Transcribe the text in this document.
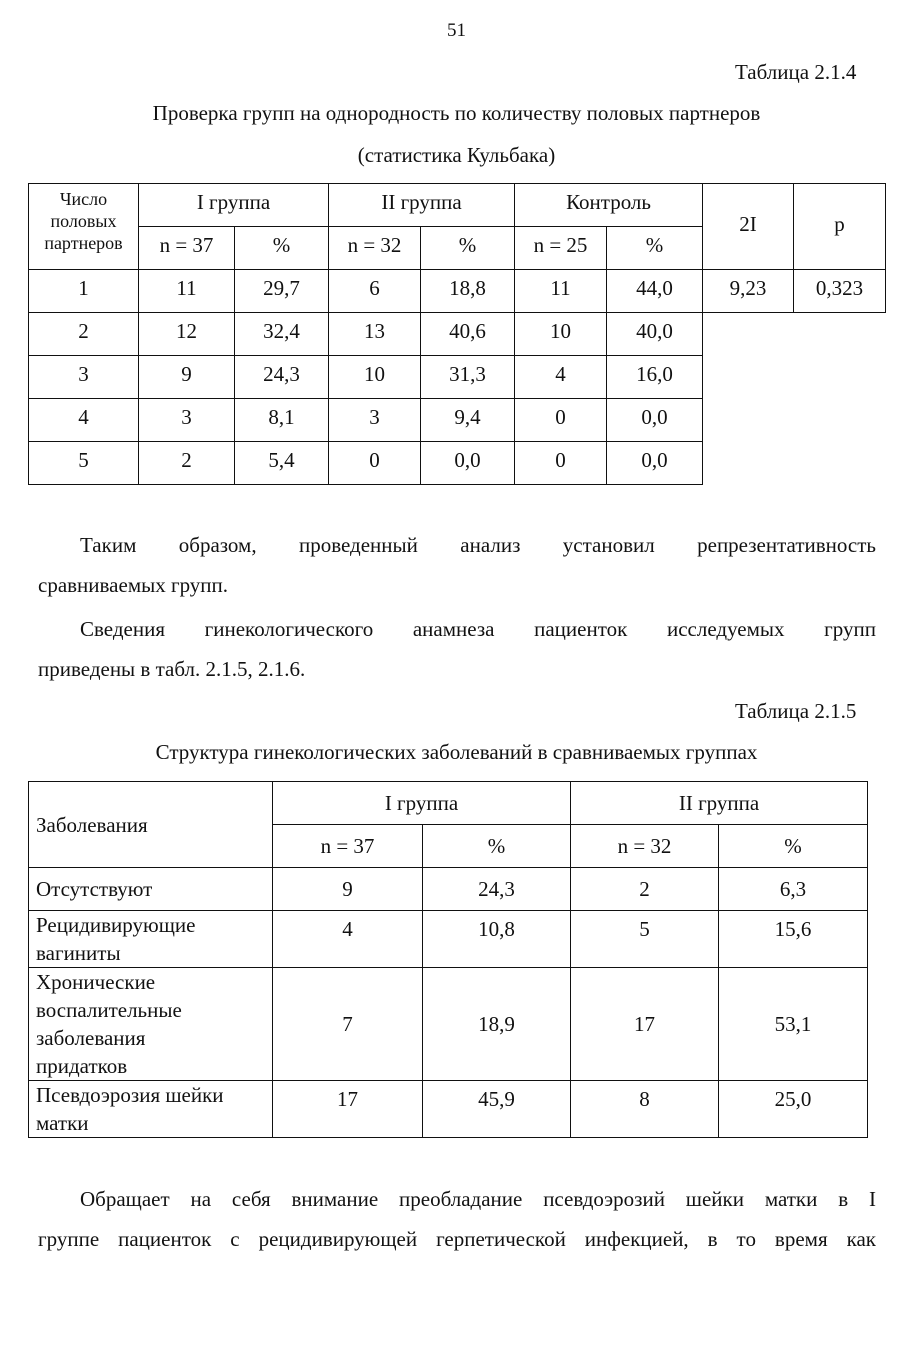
51
Таблица 2.1.4
Проверка групп на однородность по количеству половых партнеров
(статистика Кульбака)
Число
половых
партнеров	I группа		II группа		Контроль		2I	p
	n = 37	%	n = 32	%	n = 25	%		
1	11	29,7	6	18,8	11	44,0	9,23	0,323
2	12	32,4	13	40,6	10	40,0		
3	9	24,3	10	31,3	4	16,0		
4	3	8,1	3	9,4	0	0,0		
5	2	5,4	0	0,0	0	0,0		
Таким образом, проведенный анализ установил репрезентативность
сравниваемых групп.
Сведения гинекологического анамнеза пациенток исследуемых групп
приведены в табл. 2.1.5, 2.1.6.
Таблица 2.1.5
Структура гинекологических заболеваний в сравниваемых группах
Заболевания	I группа		II группа	
	n = 37	%	n = 32	%

Отсутствуют	9	24,3	2	6,3

Рецидивирующие
вагиниты	4	10,8	5	15,6

Хронические
воспалительные
заболевания
придатков	7	18,9	17	53,1

Псевдоэрозия шейки
матки	17	45,9	8	25,0
Обращает на себя внимание преобладание псевдоэрозий шейки матки в I
группе пациенток с рецидивирующей герпетической инфекцией, в то время как
